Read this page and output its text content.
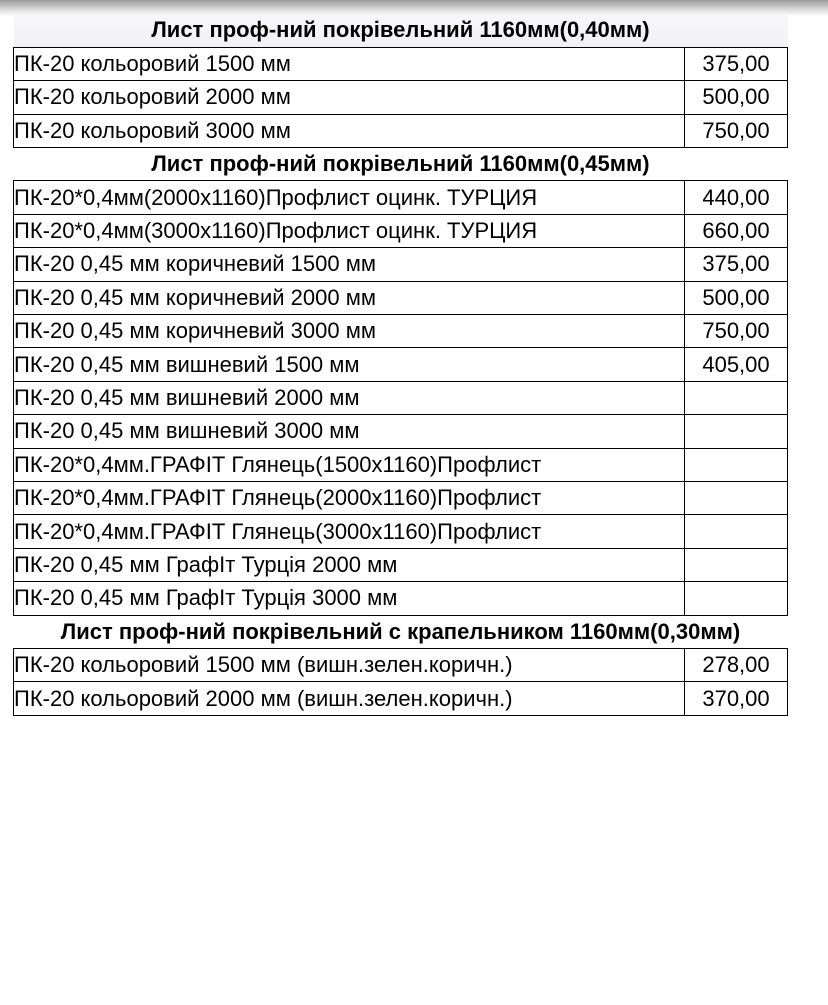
Лист проф-ний покрівельний 1160мм(0,40мм)	

ПК-20 кольоровий 1500 мм	375,00
ПК-20 кольоровий 2000 мм	500,00
ПК-20 кольоровий 3000 мм	750,00

Лист проф-ний покрівельний 1160мм(0,45мм)	

ПК-20*0,4мм(2000х1160)Профлист оцинк. ТУРЦИЯ	440,00
ПК-20*0,4мм(3000х1160)Профлист оцинк. ТУРЦИЯ	660,00
ПК-20 0,45 мм коричневий 1500 мм	375,00
ПК-20 0,45 мм коричневий 2000 мм	500,00
ПК-20 0,45 мм коричневий 3000 мм	750,00
ПК-20 0,45 мм вишневий 1500 мм	405,00
ПК-20 0,45 мм вишневий 2000 мм	
ПК-20 0,45 мм вишневий 3000 мм	
ПК-20*0,4мм.ГРАФІТ Глянець(1500х1160)Профлист	
ПК-20*0,4мм.ГРАФІТ Глянець(2000х1160)Профлист	
ПК-20*0,4мм.ГРАФІТ Глянець(3000х1160)Профлист	
ПК-20 0,45 мм ГрафІт Турція 2000 мм	
ПК-20 0,45 мм ГрафІт Турція 3000 мм	

Лист проф-ний покрівельний с крапельником 1160мм(0,30мм)	

ПК-20 кольоровий 1500 мм (вишн.зелен.коричн.)	278,00
ПК-20 кольоровий 2000 мм (вишн.зелен.коричн.)	370,00
